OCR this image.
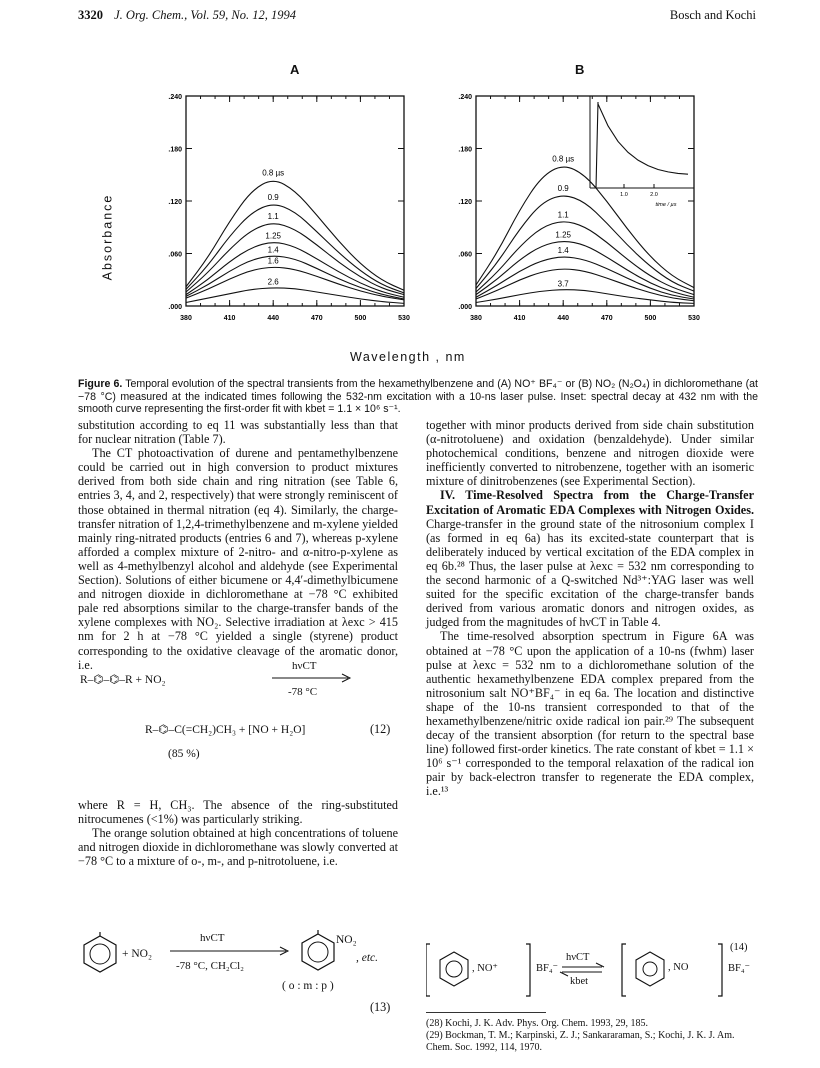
3320 J. Org. Chem., Vol. 59, No. 12, 1994	Bosch and Kochi
A	B
Absorbance
380	410	440	470	500	530
.000
.060
.120
.180
.240
0.8 µs
0.9
1.1
1.25
1.4
1.6
2.6
380	410	440	470	500	530
.000
.060
.120
.180
.240
0.8 µs
0.9
1.1
1.25
1.4
3.7
1.0	2.0
time / µs
Wavelength , nm
Figure 6. Temporal evolution of the spectral transients from the hexamethylbenzene and (A) NO⁺ BF₄⁻ or (B) NO₂ (N₂O₄) in dichloromethane (at −78 °C) measured at the indicated times following the 532-nm excitation with a 10-ns laser pulse. Inset: spectral decay at 432 nm with the smooth curve representing the first-order fit with kbet = 1.1 × 10⁶ s⁻¹.

substitution according to eq 11 was substantially less than that for nuclear nitration (Table 7).

The CT photoactivation of durene and pentamethylbenzene could be carried out in high conversion to product mixtures derived from both side chain and ring nitration (see Table 6, entries 3, 4, and 2, respectively) that were strongly reminiscent of those obtained in thermal nitration (eq 4). Similarly, the charge-transfer nitration of 1,2,4-trimethylbenzene and m-xylene yielded mainly ring-nitrated products (entries 6 and 7), whereas p-xylene afforded a complex mixture of 2-nitro- and α-nitro-p-xylene as well as 4-methylbenzyl alcohol and aldehyde (see Experimental Section). Solutions of either bicumene or 4,4′-dimethylbicumene and nitrogen dioxide in dichloromethane at −78 °C exhibited pale red absorptions similar to the charge-transfer bands of the xylene complexes with NO₂. Selective irradiation at λexc > 415 nm for 2 h at −78 °C yielded a single (styrene) product corresponding to the oxidative cleavage of the aromatic donor, i.e.

R–⌬–⌬–R + NO₂
hνCT
-78 °C
R–⌬–C(=CH₂)CH₃ + [NO + H₂O]
(85 %)
(12)

where R = H, CH₃. The absence of the ring-substituted nitrocumenes (<1%) was particularly striking.

The orange solution obtained at high concentrations of toluene and nitrogen dioxide in dichloromethane was slowly converted at −78 °C to a mixture of o-, m-, and p-nitrotoluene, i.e.

+ NO₂
hνCT
-78 °C, CH₂Cl₂
NO₂
, etc.
( o : m : p )
(13)

together with minor products derived from side chain substitution (α-nitrotoluene) and oxidation (benzaldehyde). Under similar photochemical conditions, benzene and nitrogen dioxide were inefficiently converted to nitrobenzene, together with an isomeric mixture of dinitrobenzenes (see Experimental Section).

IV. Time-Resolved Spectra from the Charge-Transfer Excitation of Aromatic EDA Complexes with Nitrogen Oxides. Charge-transfer in the ground state of the nitrosonium complex I (as formed in eq 6a) has its excited-state counterpart that is deliberately induced by vertical excitation of the EDA complex in eq 6b.²⁸ Thus, the laser pulse at λexc = 532 nm corresponding to the second harmonic of a Q-switched Nd³⁺:YAG laser was well suited for the specific excitation of the charge-transfer bands derived from various aromatic donors and nitrogen oxides, as judged from the magnitudes of hνCT in Table 4.

The time-resolved absorption spectrum in Figure 6A was obtained at −78 °C upon the application of a 10-ns (fwhm) laser pulse at λexc = 532 nm to a dichloromethane solution of the authentic hexamethylbenzene EDA complex prepared from the nitrosonium salt NO⁺BF₄⁻ in eq 6a. The location and distinctive shape of the 10-ns transient corresponded to that of the hexamethylbenzene/nitric oxide radical ion pair.²⁹ The subsequent decay of the transient absorption (for return to the spectral base line) followed first-order kinetics. The rate constant of kbet = 1.1 × 10⁶ s⁻¹ corresponded to the temporal relaxation of the radical ion pair by back-electron transfer to regenerate the EDA complex, i.e.¹³

, NO⁺	BF₄⁻
hνCT
kbet
, NO	BF₄⁻
(14)
(28) Kochi, J. K. Adv. Phys. Org. Chem. 1993, 29, 185.
(29) Bockman, T. M.; Karpinski, Z. J.; Sankararaman, S.; Kochi, J. K. J. Am. Chem. Soc. 1992, 114, 1970.
